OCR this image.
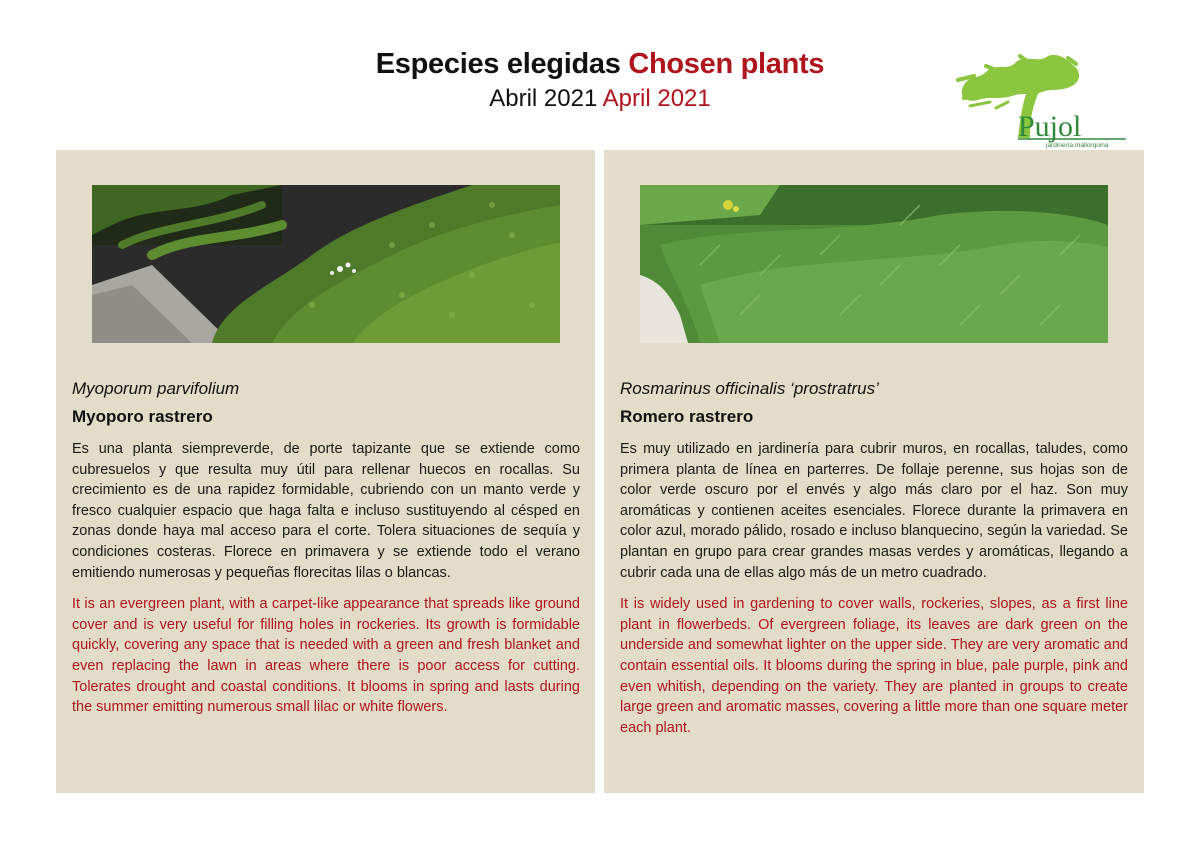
Especies elegidas Chosen plants
Abril 2021 April 2021
Pujol
jardinería mallorquina
Myoporum parvifolium
Myoporo rastrero
Es una planta siempreverde, de porte tapizante que se extiende como cubresuelos y que resulta muy útil para rellenar huecos en rocallas. Su crecimiento es de una rapidez formidable, cubriendo con un manto verde y fresco cualquier espacio que haga falta e incluso sustituyendo al césped en zonas donde haya mal acceso para el corte. Tolera situaciones de sequía y condiciones costeras. Florece en primavera y se extiende todo el verano emitiendo numerosas y pequeñas florecitas lilas o blancas.
It is an evergreen plant, with a carpet-like appearance that spreads like ground cover and is very useful for filling holes in rockeries. Its growth is formidable quickly, covering any space that is needed with a green and fresh blanket and even replacing the lawn in areas where there is poor access for cutting. Tolerates drought and coastal conditions. It blooms in spring and lasts during the summer emitting numerous small lilac or white flowers.
Rosmarinus officinalis ‘prostratrus’
Romero rastrero
Es muy utilizado en jardinería para cubrir muros, en rocallas, taludes, como primera planta de línea en parterres. De follaje perenne, sus hojas son de color verde oscuro por el envés y algo más claro por el haz. Son muy aromáticas y contienen aceites esenciales. Florece durante la primavera en color azul, morado pálido, rosado e incluso blanquecino, según la variedad. Se plantan en grupo para crear grandes masas verdes y aromáticas, llegando a cubrir cada una de ellas algo más de un metro cuadrado.
It is widely used in gardening to cover walls, rockeries, slopes, as a first line plant in flowerbeds. Of evergreen foliage, its leaves are dark green on the underside and somewhat lighter on the upper side. They are very aromatic and contain essential oils. It blooms during the spring in blue, pale purple, pink and even whitish, depending on the variety. They are planted in groups to create large green and aromatic masses, covering a little more than one square meter each plant.
